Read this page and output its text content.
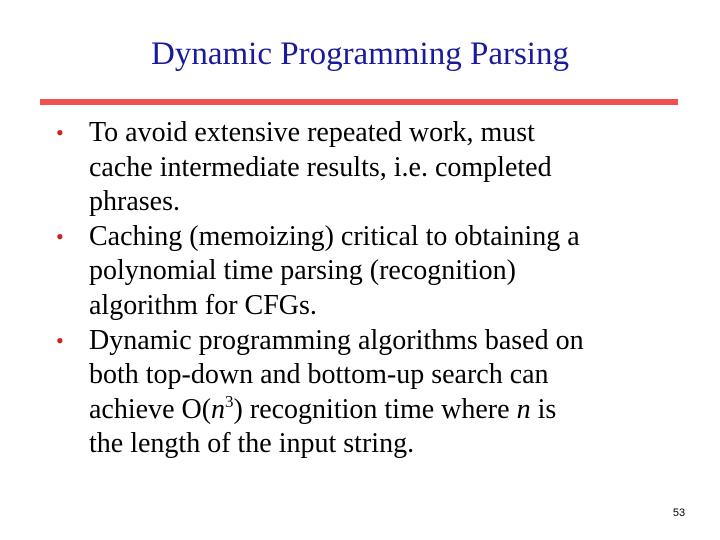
Dynamic Programming Parsing
• To avoid extensive repeated work, must
cache intermediate results, i.e. completed
phrases.
• Caching (memoizing) critical to obtaining a
polynomial time parsing (recognition)
algorithm for CFGs.
• Dynamic programming algorithms based on
both top-down and bottom-up search can
achieve $O(n^3)$ recognition time where n is
the length of the input string.
53
